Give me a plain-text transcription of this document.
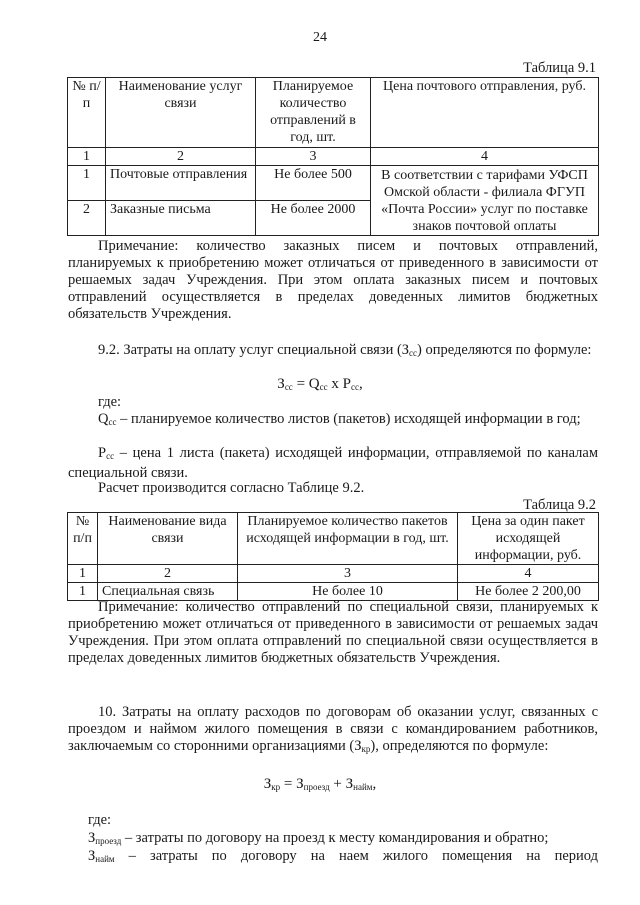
24
Таблица 9.1
№ п/п	Наименование услуг связи	Планируемое количество отправлений в год, шт.	Цена почтового отправления, руб.
1	2	3	4
1	Почтовые отправления	Не более 500	В соответствии с тарифами УФСП Омской области - филиала ФГУП «Почта России» услуг по поставке знаков почтовой оплаты
2	Заказные письма	Не более 2000	
Примечание: количество заказных писем и почтовых отправлений, планируемых к приобретению может отличаться от приведенного в зависимости от решаемых задач Учреждения. При этом оплата заказных писем и почтовых отправлений осуществляется в пределах доведенных лимитов бюджетных обязательств Учреждения.
9.2. Затраты на оплату услуг специальной связи $(З_{сс})$ определяются по формуле:
$З_{сс} = Q_{сс}$ x $P_{сс}$,
где:
$Q_{сс}$ – планируемое количество листов (пакетов) исходящей информации в год;
$P_{сс}$ – цена 1 листа (пакета) исходящей информации, отправляемой по каналам специальной связи.
Расчет производится согласно Таблице 9.2.
Таблица 9.2
№ п/п	Наименование вида связи	Планируемое количество пакетов исходящей информации в год, шт.	Цена за один пакет исходящей информации, руб.
1	2	3	4
1	Специальная связь	Не более 10	Не более 2 200,00
Примечание: количество отправлений по специальной связи, планируемых к приобретению может отличаться от приведенного в зависимости от решаемых задач Учреждения. При этом оплата отправлений по специальной связи осуществляется в пределах доведенных лимитов бюджетных обязательств Учреждения.
10. Затраты на оплату расходов по договорам об оказании услуг, связанных с проездом и наймом жилого помещения в связи с командированием работников, заключаемым со сторонними организациями $(З_{кр})$, определяются по формуле:
$З_{кр} = З_{проезд} + З_{найм}$,
где:
$З_{проезд}$ – затраты по договору на проезд к месту командирования и обратно;
$З_{найм}$ – затраты по договору на наем жилого помещения на период
